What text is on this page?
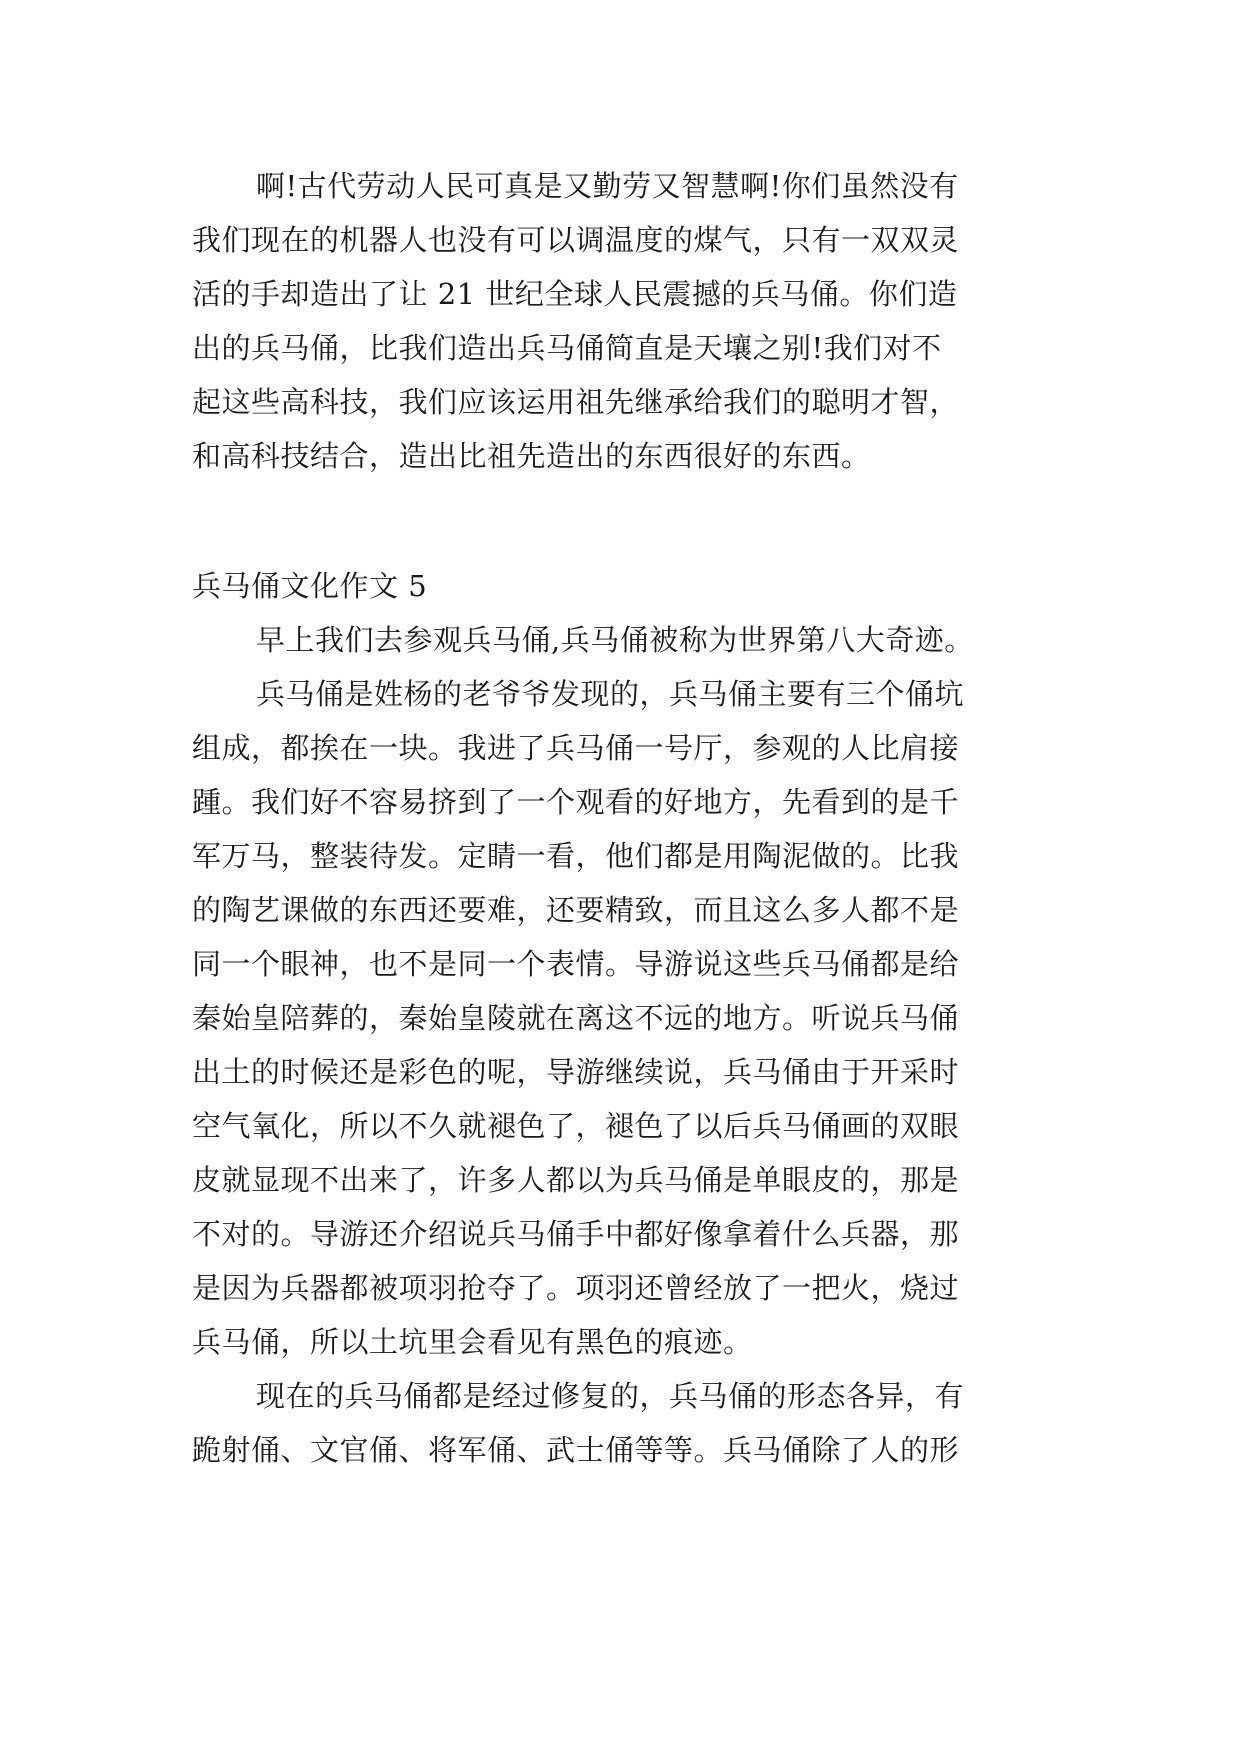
啊!古代劳动人民可真是又勤劳又智慧啊!你们虽然没有

我们现在的机器人也没有可以调温度的煤气，只有一双双灵

活的手却造出了让 21 世纪全球人民震撼的兵马俑。你们造

出的兵马俑，比我们造出兵马俑简直是天壤之别!我们对不

起这些高科技，我们应该运用祖先继承给我们的聪明才智，

和高科技结合，造出比祖先造出的东西很好的东西。

兵马俑文化作文 5

早上我们去参观兵马俑,兵马俑被称为世界第八大奇迹。

兵马俑是姓杨的老爷爷发现的，兵马俑主要有三个俑坑

组成，都挨在一块。我进了兵马俑一号厅，参观的人比肩接

踵。我们好不容易挤到了一个观看的好地方，先看到的是千

军万马，整装待发。定睛一看，他们都是用陶泥做的。比我

的陶艺课做的东西还要难，还要精致，而且这么多人都不是

同一个眼神，也不是同一个表情。导游说这些兵马俑都是给

秦始皇陪葬的，秦始皇陵就在离这不远的地方。听说兵马俑

出土的时候还是彩色的呢，导游继续说，兵马俑由于开采时

空气氧化，所以不久就褪色了，褪色了以后兵马俑画的双眼

皮就显现不出来了，许多人都以为兵马俑是单眼皮的，那是

不对的。导游还介绍说兵马俑手中都好像拿着什么兵器，那

是因为兵器都被项羽抢夺了。项羽还曾经放了一把火，烧过

兵马俑，所以土坑里会看见有黑色的痕迹。

现在的兵马俑都是经过修复的，兵马俑的形态各异，有

跪射俑、文官俑、将军俑、武士俑等等。兵马俑除了人的形
